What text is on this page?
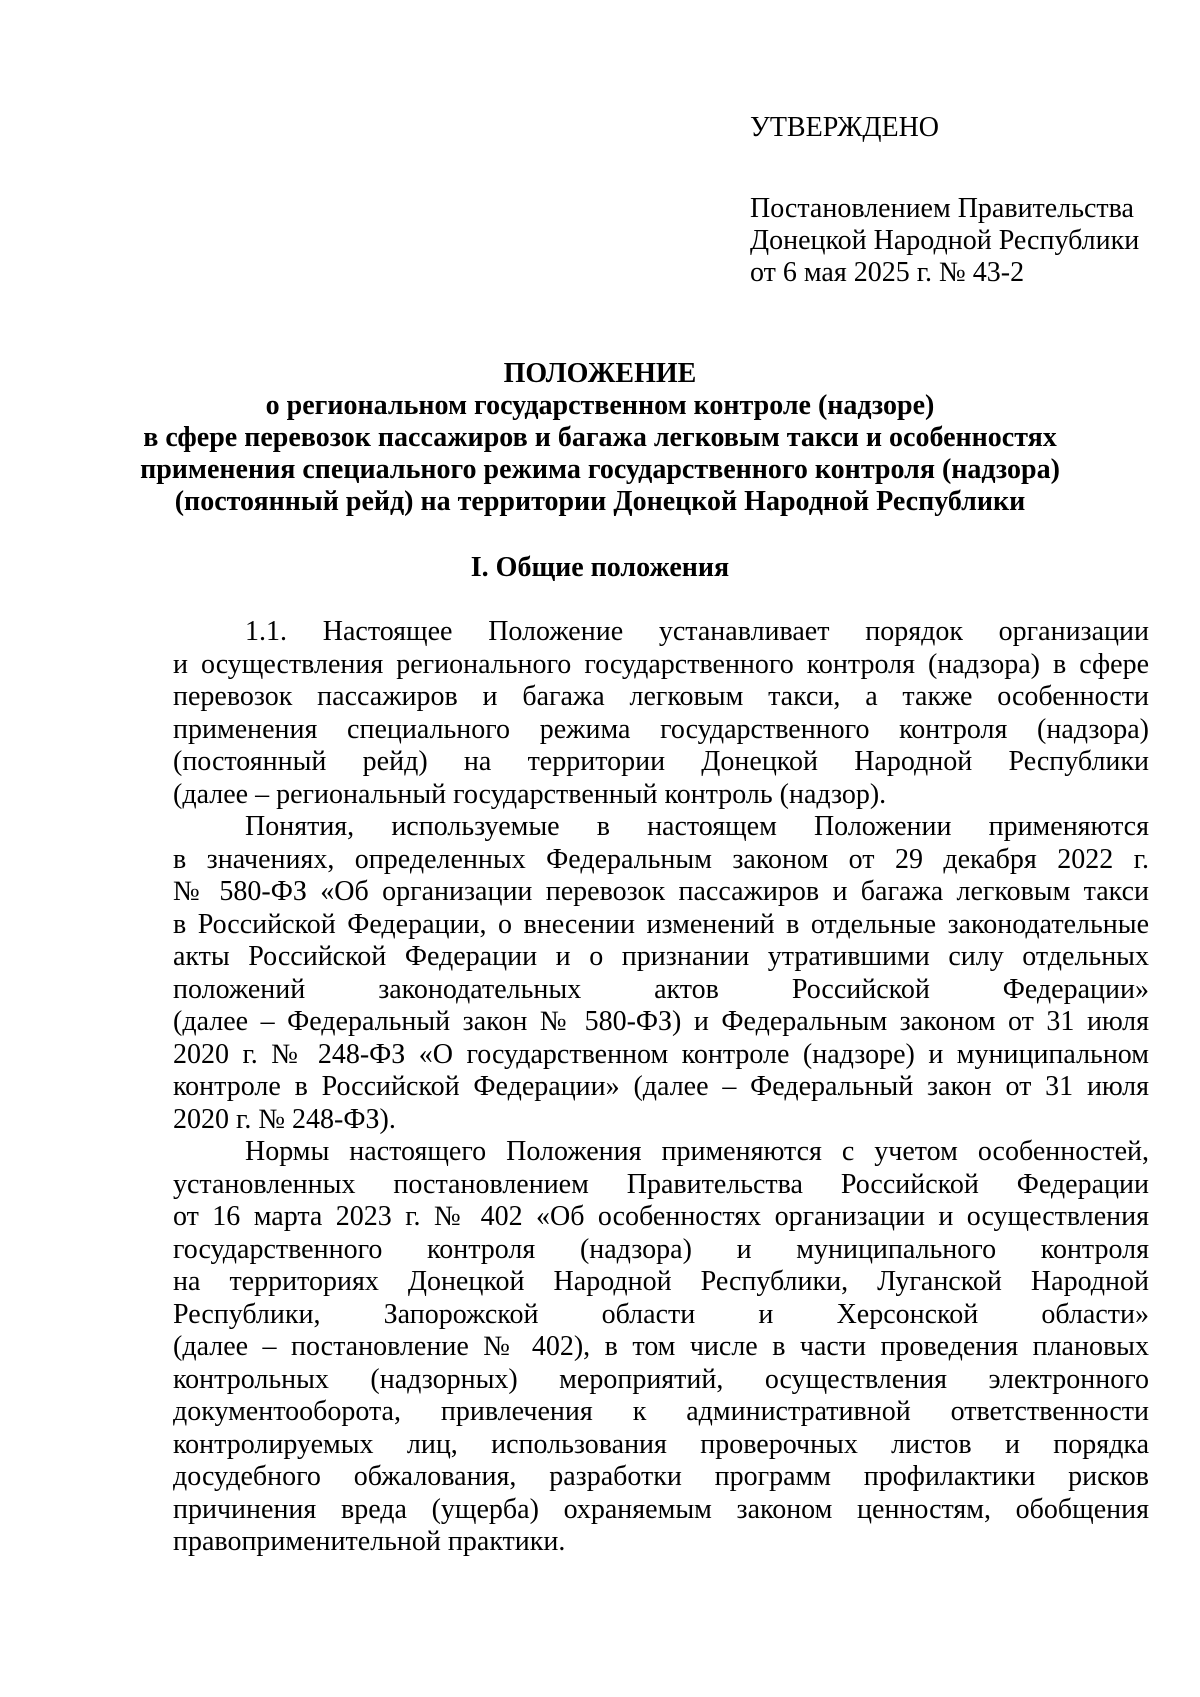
УТВЕРЖДЕНО
Постановлением Правительства
Донецкой Народной Республики
от 6 мая 2025 г. № 43-2
ПОЛОЖЕНИЕ
о региональном государственном контроле (надзоре)
в сфере перевозок пассажиров и багажа легковым такси и особенностях
применения специального режима государственного контроля (надзора)
(постоянный рейд) на территории Донецкой Народной Республики
I. Общие положения
1.1. Настоящее Положение устанавливает порядок организации
и осуществления регионального государственного контроля (надзора) в сфере
перевозок пассажиров и багажа легковым такси, а также особенности
применения специального режима государственного контроля (надзора)
(постоянный рейд) на территории Донецкой Народной Республики
(далее – региональный государственный контроль (надзор).
Понятия, используемые в настоящем Положении применяются
в значениях, определенных Федеральным законом от 29 декабря 2022 г.
№ 580-ФЗ «Об организации перевозок пассажиров и багажа легковым такси
в Российской Федерации, о внесении изменений в отдельные законодательные
акты Российской Федерации и о признании утратившими силу отдельных
положений законодательных актов Российской Федерации»
(далее – Федеральный закон № 580-ФЗ) и Федеральным законом от 31 июля
2020 г. № 248-ФЗ «О государственном контроле (надзоре) и муниципальном
контроле в Российской Федерации» (далее – Федеральный закон от 31 июля
2020 г. № 248-ФЗ).
Нормы настоящего Положения применяются с учетом особенностей,
установленных постановлением Правительства Российской Федерации
от 16 марта 2023 г. № 402 «Об особенностях организации и осуществления
государственного контроля (надзора) и муниципального контроля
на территориях Донецкой Народной Республики, Луганской Народной
Республики, Запорожской области и Херсонской области»
(далее – постановление № 402), в том числе в части проведения плановых
контрольных (надзорных) мероприятий, осуществления электронного
документооборота, привлечения к административной ответственности
контролируемых лиц, использования проверочных листов и порядка
досудебного обжалования, разработки программ профилактики рисков
причинения вреда (ущерба) охраняемым законом ценностям, обобщения
правоприменительной практики.
